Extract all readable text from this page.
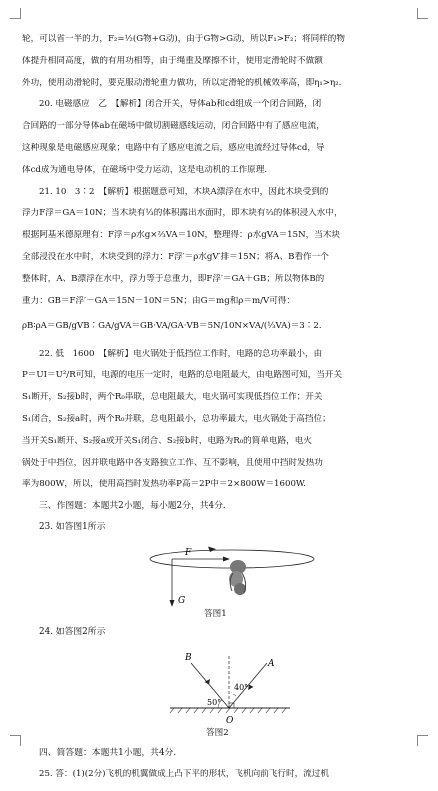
轮，可以省一半的力，F₂=½(G物+G动)，由于G物>G动，所以F₁>F₂；将同样的物
体提升相同高度，做的有用功相等，由于绳重及摩擦不计，使用定滑轮时不做额
外功，使用动滑轮时，要克服动滑轮重力做功，所以定滑轮的机械效率高，即η₁>η₂.
20. 电磁感应　乙　【解析】闭合开关，导体ab和cd组成一个闭合回路，闭
合回路的一部分导体ab在磁场中做切割磁感线运动，闭合回路中有了感应电流，
这种现象是电磁感应现象；电路中有了感应电流之后，感应电流经过导体cd，导
体cd成为通电导体，在磁场中受力运动，这是电动机的工作原理.
21. 10　3∶2　【解析】根据题意可知，木块A漂浮在水中，因此木块受到的
浮力F浮＝GA＝10N；当木块有⅓的体积露出水面时，即木块有⅔的体积浸入水中，
根据阿基米德原理有：F浮＝ρ水g×⅔VA＝10N，整理得：ρ水gVA＝15N，当木块
全部浸没在水中时，木块受到的浮力：F浮′＝ρ水gV′排＝15N；将A、B看作一个
整体时，A、B漂浮在水中，浮力等于总重力，即F浮′＝GA＋GB；所以物体B的
重力：GB＝F浮′－GA＝15N－10N＝5N；由G＝mg和ρ＝m/V可得：
ρB∶ρA＝GB/gVB∶GA/gVA＝GB·VA/GA·VB＝5N/10N×VA/(⅓VA)＝3∶2.
22. 低　1600　【解析】电火锅处于低挡位工作时，电路的总功率最小，由
P＝UI＝U²/R可知，电源的电压一定时，电路的总电阻最大，由电路图可知，当开关
S₁断开，S₂接b时，两个R₀串联，总电阻最大，电火锅可实现低挡位工作；开关
S₁闭合，S₂接a时，两个R₀并联，总电阻最小，总功率最大，电火锅处于高挡位；
当开关S₁断开、S₂接a或开关S₁闭合、S₂接b时，电路为R₀的简单电路，电火
锅处于中挡位，因并联电路中各支路独立工作、互不影响，且使用中挡时发热功
率为800W，所以，使用高挡时发热功率P高＝2P中＝2×800W＝1600W.
三、作图题：本题共2小题，每小题2分，共4分.
23. 如答图1所示
F
G
答图1
24. 如答图2所示
B
A
O
40°
50°
答图2
四、简答题：本题共1小题，共4分.
25. 答：(1)(2分)飞机的机翼做成上凸下平的形状，飞机向前飞行时，流过机
